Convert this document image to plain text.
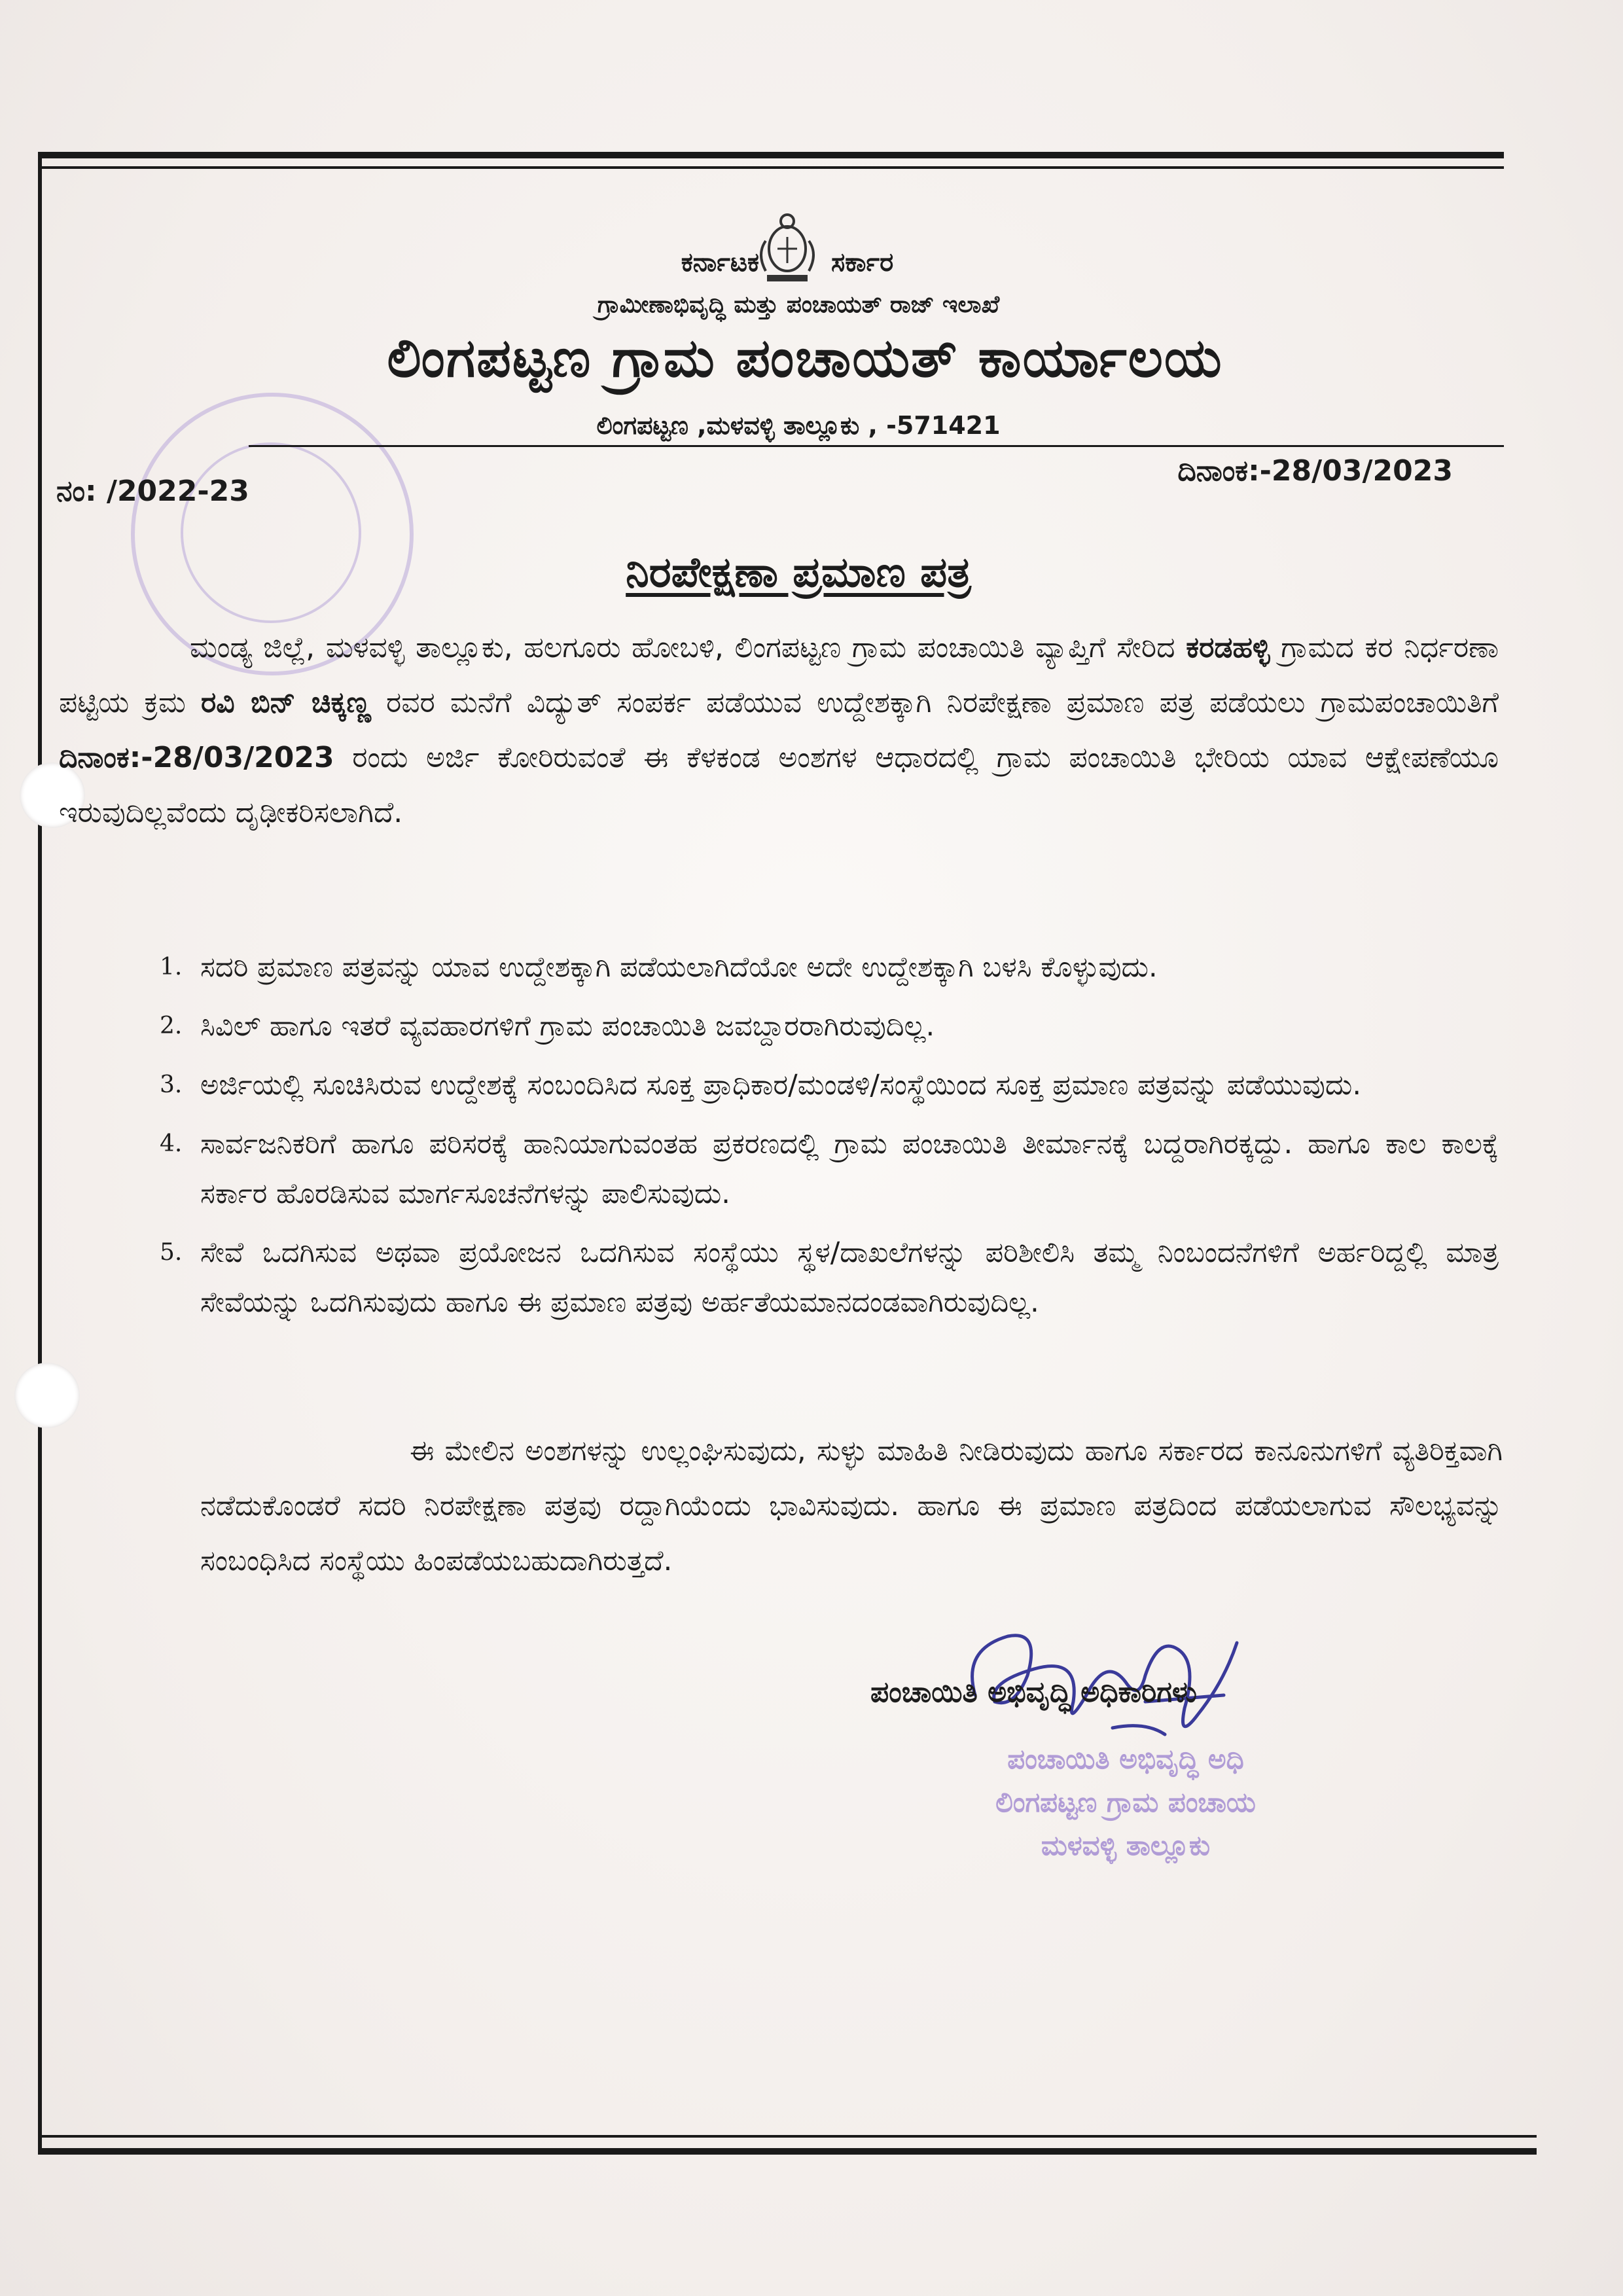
ಕರ್ನಾಟಕ	ಸರ್ಕಾರ
ಗ್ರಾಮೀಣಾಭಿವೃದ್ಧಿ ಮತ್ತು ಪಂಚಾಯತ್ ರಾಜ್ ಇಲಾಖೆ
ಲಿಂಗಪಟ್ಟಣ ಗ್ರಾಮ ಪಂಚಾಯತ್ ಕಾರ್ಯಾಲಯ
ಲಿಂಗಪಟ್ಟಣ ,ಮಳವಳ್ಳಿ ತಾಲ್ಲೂಕು , -571421
ನಂ: /2022-23
ದಿನಾಂಕ:-28/03/2023
ನಿರಪೇಕ್ಷಣಾ ಪ್ರಮಾಣ ಪತ್ರ

ಮಂಡ್ಯ ಜಿಲ್ಲೆ, ಮಳವಳ್ಳಿ ತಾಲ್ಲೂಕು, ಹಲಗೂರು ಹೋಬಳಿ, ಲಿಂಗಪಟ್ಟಣ ಗ್ರಾಮ ಪಂಚಾಯಿತಿ ವ್ಯಾಪ್ತಿಗೆ ಸೇರಿದ ಕರಡಹಳ್ಳಿ ಗ್ರಾಮದ ಕರ ನಿರ್ಧರಣಾ ಪಟ್ಟಿಯ ಕ್ರಮ ರವಿ ಬಿನ್ ಚಿಕ್ಕಣ್ಣ ರವರ ಮನೆಗೆ ವಿದ್ಯುತ್ ಸಂಪರ್ಕ ಪಡೆಯುವ ಉದ್ದೇಶಕ್ಕಾಗಿ ನಿರಪೇಕ್ಷಣಾ ಪ್ರಮಾಣ ಪತ್ರ ಪಡೆಯಲು ಗ್ರಾಮಪಂಚಾಯಿತಿಗೆ ದಿನಾಂಕ:-28/03/2023 ರಂದು ಅರ್ಜಿ ಕೋರಿರುವಂತೆ ಈ ಕೆಳಕಂಡ ಅಂಶಗಳ ಆಧಾರದಲ್ಲಿ ಗ್ರಾಮ ಪಂಚಾಯಿತಿ ಭೇರಿಯ ಯಾವ ಆಕ್ಷೇಪಣೆಯೂ ಇರುವುದಿಲ್ಲವೆಂದು ದೃಢೀಕರಿಸಲಾಗಿದೆ.

1. ಸದರಿ ಪ್ರಮಾಣ ಪತ್ರವನ್ನು ಯಾವ ಉದ್ದೇಶಕ್ಕಾಗಿ ಪಡೆಯಲಾಗಿದೆಯೋ ಅದೇ ಉದ್ದೇಶಕ್ಕಾಗಿ ಬಳಸಿ ಕೊಳ್ಳುವುದು.
2. ಸಿವಿಲ್ ಹಾಗೂ ಇತರೆ ವ್ಯವಹಾರಗಳಿಗೆ ಗ್ರಾಮ ಪಂಚಾಯಿತಿ ಜವಬ್ದಾರರಾಗಿರುವುದಿಲ್ಲ.
3. ಅರ್ಜಿಯಲ್ಲಿ ಸೂಚಿಸಿರುವ ಉದ್ದೇಶಕ್ಕೆ ಸಂಬಂದಿಸಿದ ಸೂಕ್ತ ಪ್ರಾಧಿಕಾರ/ಮಂಡಳಿ/ಸಂಸ್ಥೆಯಿಂದ ಸೂಕ್ತ ಪ್ರಮಾಣ ಪತ್ರವನ್ನು ಪಡೆಯುವುದು.
4. ಸಾರ್ವಜನಿಕರಿಗೆ ಹಾಗೂ ಪರಿಸರಕ್ಕೆ ಹಾನಿಯಾಗುವಂತಹ ಪ್ರಕರಣದಲ್ಲಿ ಗ್ರಾಮ ಪಂಚಾಯಿತಿ ತೀರ್ಮಾನಕ್ಕೆ ಬದ್ದರಾಗಿರಕ್ಕದ್ದು. ಹಾಗೂ ಕಾಲ ಕಾಲಕ್ಕೆ ಸರ್ಕಾರ ಹೊರಡಿಸುವ ಮಾರ್ಗಸೂಚನೆಗಳನ್ನು ಪಾಲಿಸುವುದು.
5. ಸೇವೆ ಒದಗಿಸುವ ಅಥವಾ ಪ್ರಯೋಜನ ಒದಗಿಸುವ ಸಂಸ್ಥೆಯು ಸ್ಥಳ/ದಾಖಲೆಗಳನ್ನು ಪರಿಶೀಲಿಸಿ ತಮ್ಮ ನಿಂಬಂದನೆಗಳಿಗೆ ಅರ್ಹರಿದ್ದಲ್ಲಿ ಮಾತ್ರ ಸೇವೆಯನ್ನು ಒದಗಿಸುವುದು ಹಾಗೂ ಈ ಪ್ರಮಾಣ ಪತ್ರವು ಅರ್ಹತೆಯಮಾನದಂಡವಾಗಿರುವುದಿಲ್ಲ.

ಈ ಮೇಲಿನ ಅಂಶಗಳನ್ನು ಉಲ್ಲಂಘಿಸುವುದು, ಸುಳ್ಳು ಮಾಹಿತಿ ನೀಡಿರುವುದು ಹಾಗೂ ಸರ್ಕಾರದ ಕಾನೂನುಗಳಿಗೆ ವ್ಯತಿರಿಕ್ತವಾಗಿ ನಡೆದುಕೊಂಡರೆ ಸದರಿ ನಿರಪೇಕ್ಷಣಾ ಪತ್ರವು ರದ್ದಾಗಿಯೆಂದು ಭಾವಿಸುವುದು. ಹಾಗೂ ಈ ಪ್ರಮಾಣ ಪತ್ರದಿಂದ ಪಡೆಯಲಾಗುವ ಸೌಲಭ್ಯವನ್ನು ಸಂಬಂಧಿಸಿದ ಸಂಸ್ಥೆಯು ಹಿಂಪಡೆಯಬಹುದಾಗಿರುತ್ತದೆ.

ಪಂಚಾಯಿತಿ ಅಭಿವೃದ್ಧಿ ಅಧಿಕಾರಿಗಳು
ಪಂಚಾಯಿತಿ ಅಭಿವೃದ್ಧಿ ಅಧಿ
ಲಿಂಗಪಟ್ಟಣ ಗ್ರಾಮ ಪಂಚಾಯ
ಮಳವಳ್ಳಿ ತಾಲ್ಲೂಕು
